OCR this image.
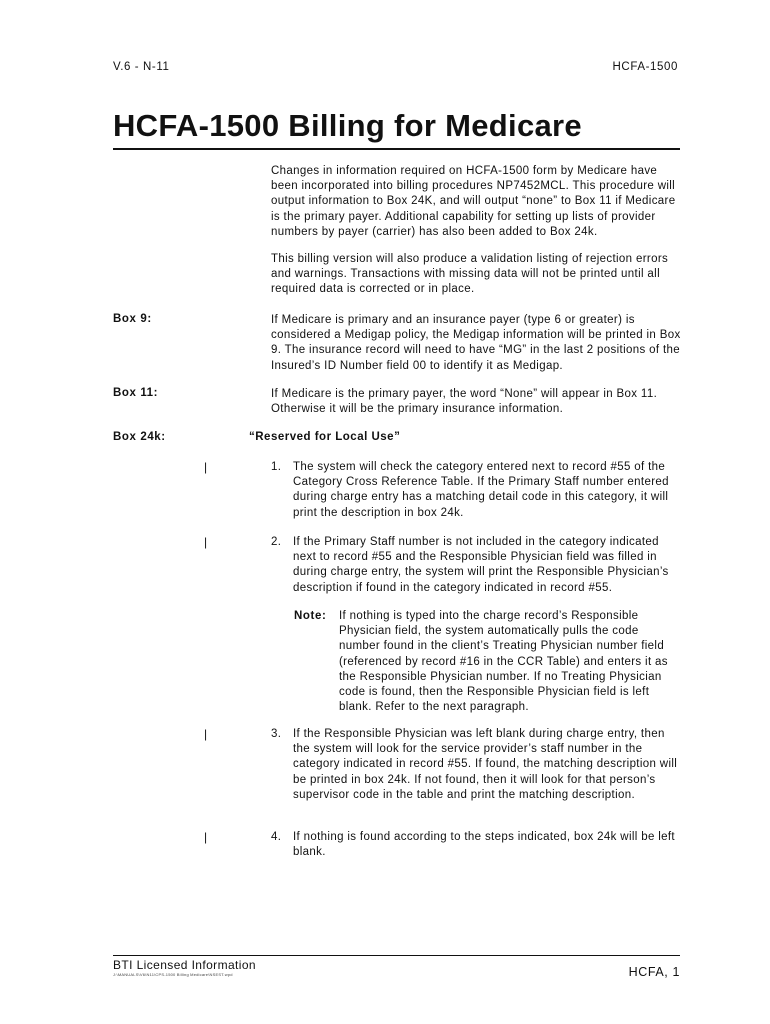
V.6 - N-11	HCFA-1500
HCFA-1500 Billing for Medicare
Changes in information required on HCFA-1500 form by Medicare have been incorporated into billing procedures NP7452MCL. This procedure will output information to Box 24K, and will output “none” to Box 11 if Medicare is the primary payer. Additional capability for setting up lists of provider numbers by payer (carrier) has also been added to Box 24k.
This billing version will also produce a validation listing of rejection errors and warnings. Transactions with missing data will not be printed until all required data is corrected or in place.
Box 9:	If Medicare is primary and an insurance payer (type 6 or greater) is considered a Medigap policy, the Medigap information will be printed in Box 9. The insurance record will need to have “MG” in the last 2 positions of the Insured’s ID Number field 00 to identify it as Medigap.
Box 11:	If Medicare is the primary payer, the word “None” will appear in Box 11. Otherwise it will be the primary insurance information.
Box 24k:	“Reserved for Local Use”
|	1. The system will check the category entered next to record #55 of the Category Cross Reference Table. If the Primary Staff number entered during charge entry has a matching detail code in this category, it will print the description in box 24k.
|	2. If the Primary Staff number is not included in the category indicated next to record #55 and the Responsible Physician field was filled in during charge entry, the system will print the Responsible Physician’s description if found in the category indicated in record #55.
Note: If nothing is typed into the charge record’s Responsible Physician field, the system automatically pulls the code number found in the client’s Treating Physician number field (referenced by record #16 in the CCR Table) and enters it as the Responsible Physician number. If no Treating Physician code is found, then the Responsible Physician field is left blank. Refer to the next paragraph.
|	3. If the Responsible Physician was left blank during charge entry, then the system will look for the service provider’s staff number in the category indicated in record #55. If found, the matching description will be printed in box 24k. If not found, then it will look for that person’s supervisor code in the table and print the matching description.
|	4. If nothing is found according to the steps indicated, box 24k will be left blank.
BTI Licensed Information
J:\MANUALS\V6\N11\CPS-1500 Billing Medicare\NSEST.wpd	HCFA, 1
